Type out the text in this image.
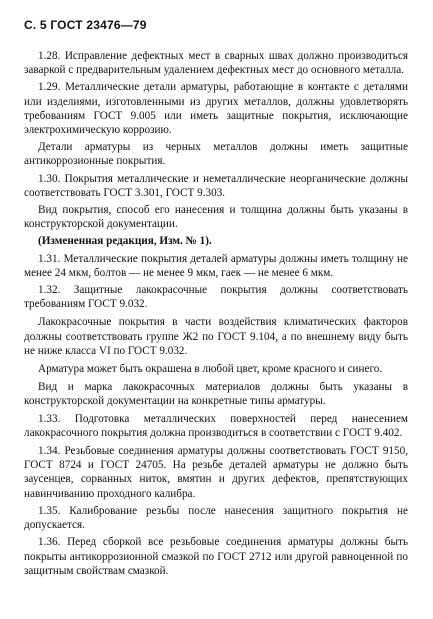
С. 5 ГОСТ 23476—79

1.28. Исправление дефектных мест в сварных швах должно производиться заваркой с предварительным удалением дефектных мест до основного металла.

1.29. Металлические детали арматуры, работающие в контакте с деталями или изделиями, изготовленными из других металлов, должны удовлетворять требованиям ГОСТ 9.005 или иметь защитные покрытия, исключающие электрохимическую коррозию.

Детали арматуры из черных металлов должны иметь защитные антикоррозионные покрытия.

1.30. Покрытия металлические и неметаллические неорганические должны соответствовать ГОСТ 3.301, ГОСТ 9.303.

Вид покрытия, способ его нанесения и толщина должны быть указаны в конструкторской документации.

(Измененная редакция, Изм. № 1).

1.31. Металлические покрытия деталей арматуры должны иметь толщину не менее 24 мкм, болтов — не менее 9 мкм, гаек — не менее 6 мкм.

1.32. Защитные лакокрасочные покрытия должны соответствовать требованиям ГОСТ 9.032.

Лакокрасочные покрытия в части воздействия климатических факторов должны соответствовать группе Ж2 по ГОСТ 9.104, а по внешнему виду быть не ниже класса VI по ГОСТ 9.032.

Арматура может быть окрашена в любой цвет, кроме красного и синего.

Вид и марка лакокрасочных материалов должны быть указаны в конструкторской документации на конкретные типы арматуры.

1.33. Подготовка металлических поверхностей перед нанесением лакокрасочного покрытия должна производиться в соответствии с ГОСТ 9.402.

1.34. Резьбовые соединения арматуры должны соответствовать ГОСТ 9150, ГОСТ 8724 и ГОСТ 24705. На резьбе деталей арматуры не должно быть заусенцев, сорванных ниток, вмятин и других дефектов, препятствующих навинчиванию проходного калибра.

1.35. Калибрование резьбы после нанесения защитного покрытия не допускается.

1.36. Перед сборкой все резьбовые соединения арматуры должны быть покрыты антикоррозионной смазкой по ГОСТ 2712 или другой равноценной по защитным свойствам смазкой.
